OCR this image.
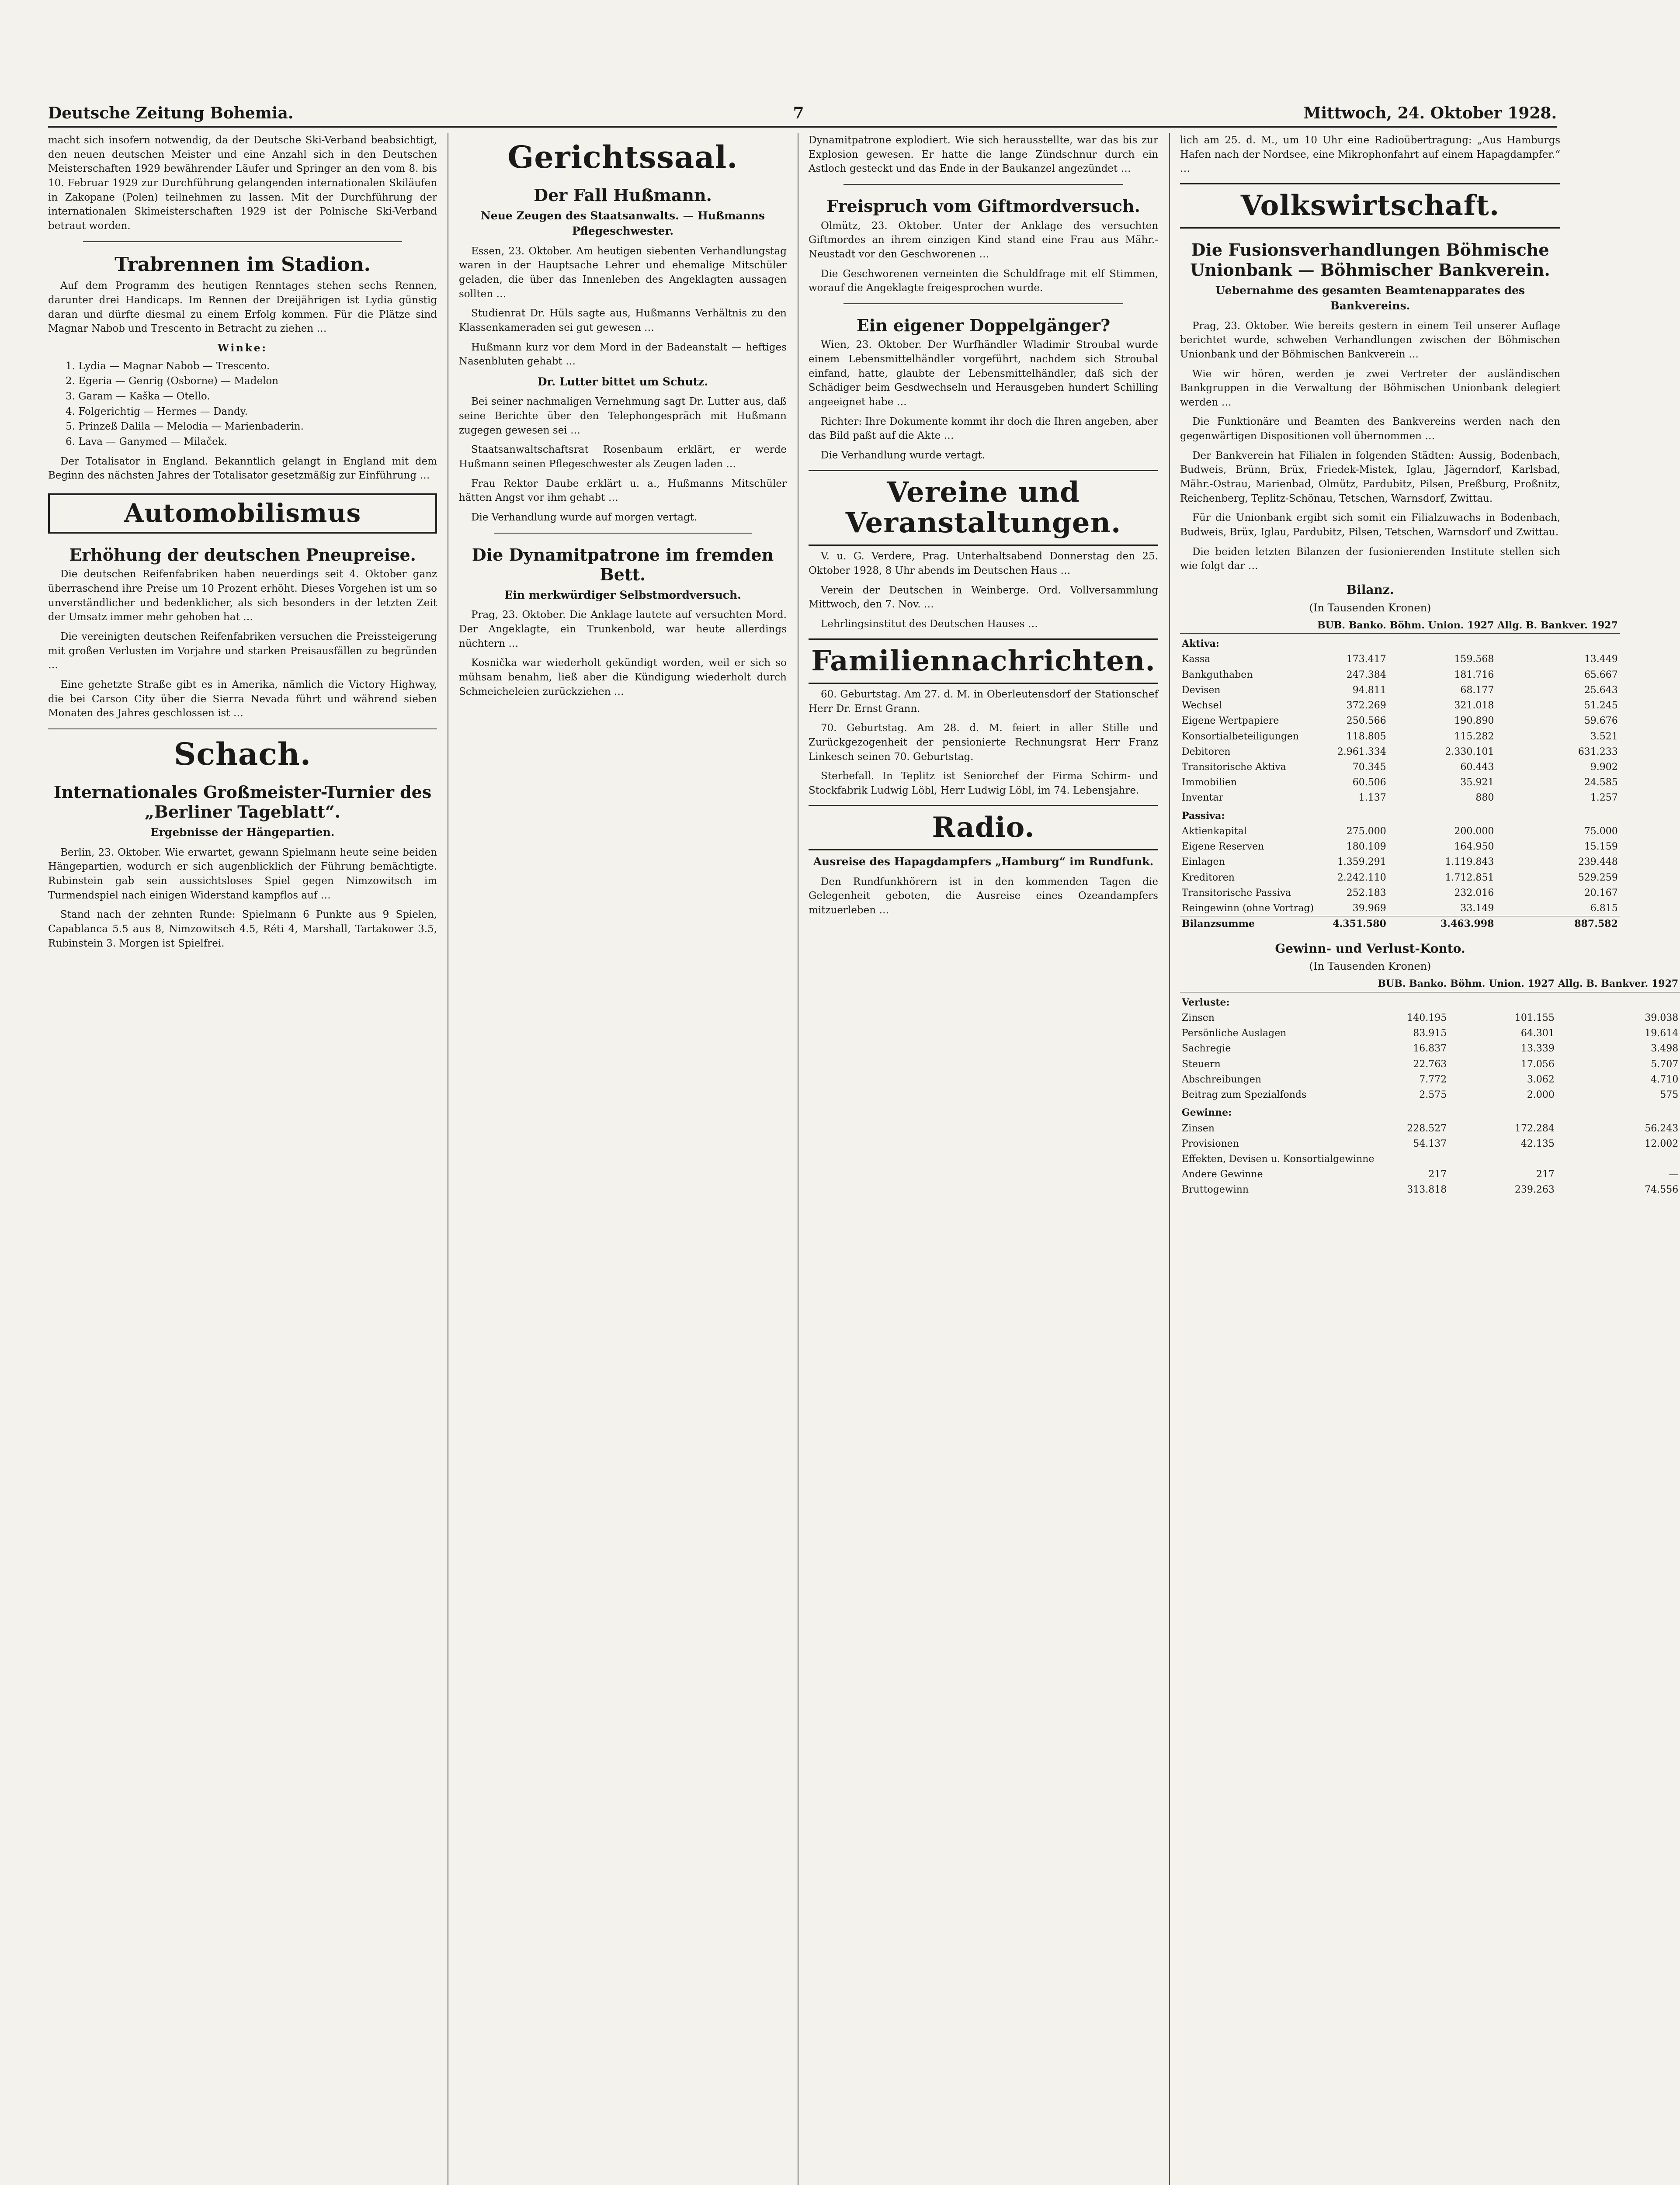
Deutsche Zeitung Bohemia.	7	Mittwoch, 24. Oktober 1928.

macht sich insofern notwendig, da der Deutsche Ski-Verband beabsichtigt, den neuen deutschen Meister und eine Anzahl sich in den Deutschen Meisterschaften 1929 bewährender Läufer und Springer an den vom 8. bis 10. Februar 1929 zur Durchführung gelangenden internationalen Skiläufen in Zakopane (Polen) teilnehmen zu lassen. Mit der Durchführung der internationalen Skimeisterschaften 1929 ist der Polnische Ski-Verband betraut worden.

Trabrennen im Stadion.

Auf dem Programm des heutigen Renntages stehen sechs Rennen, darunter drei Handicaps. Im Rennen der Dreijährigen ist Lydia günstig daran und dürfte diesmal zu einem Erfolg kommen. Für die Plätze sind Magnar Nabob und Trescento in Betracht zu ziehen …

Winke:
1. Lydia — Magnar Nabob — Trescento.
2. Egeria — Genrig (Osborne) — Madelon
3. Garam — Kaška — Otello.
4. Folgerichtig — Hermes — Dandy.
5. Prinzeß Dalila — Melodia — Marienbaderin.
6. Lava — Ganymed — Milaček.

Der Totalisator in England. Bekanntlich gelangt in England mit dem Beginn des nächsten Jahres der Totalisator gesetzmäßig zur Einführung …

Automobilismus
Erhöhung der deutschen Pneupreise.

Die deutschen Reifenfabriken haben neuerdings seit 4. Oktober ganz überraschend ihre Preise um 10 Prozent erhöht. Dieses Vorgehen ist um so unverständlicher und bedenklicher, als sich besonders in der letzten Zeit der Umsatz immer mehr gehoben hat …

Die vereinigten deutschen Reifenfabriken versuchen die Preissteigerung mit großen Verlusten im Vorjahre und starken Preisausfällen zu begründen …

Eine gehetzte Straße gibt es in Amerika, nämlich die Victory Highway, die bei Carson City über die Sierra Nevada führt und während sieben Monaten des Jahres geschlossen ist …

Schach.
Internationales Großmeister-Turnier des „Berliner Tageblatt“.
Ergebnisse der Hängepartien.

Berlin, 23. Oktober. Wie erwartet, gewann Spielmann heute seine beiden Hängepartien, wodurch er sich augenblicklich der Führung bemächtigte. Rubinstein gab sein aussichtsloses Spiel gegen Nimzowitsch im Turmendspiel nach einigen Widerstand kampflos auf …

Stand nach der zehnten Runde: Spielmann 6 Punkte aus 9 Spielen, Capablanca 5.5 aus 8, Nimzowitsch 4.5, Réti 4, Marshall, Tartakower 3.5, Rubinstein 3. Morgen ist Spielfrei.

Gerichtssaal.
Der Fall Hußmann.
Neue Zeugen des Staatsanwalts. — Hußmanns Pflegeschwester.

Essen, 23. Oktober. Am heutigen siebenten Verhandlungstag waren in der Hauptsache Lehrer und ehemalige Mitschüler geladen, die über das Innenleben des Angeklagten aussagen sollten …

Studienrat Dr. Hüls sagte aus, Hußmanns Verhältnis zu den Klassenkameraden sei gut gewesen …

Hußmann kurz vor dem Mord in der Badeanstalt — heftiges Nasenbluten gehabt …

Dr. Lutter bittet um Schutz.

Bei seiner nachmaligen Vernehmung sagt Dr. Lutter aus, daß seine Berichte über den Telephongespräch mit Hußmann zugegen gewesen sei …

Staatsanwaltschaftsrat Rosenbaum erklärt, er werde Hußmann seinen Pflegeschwester als Zeugen laden …

Frau Rektor Daube erklärt u. a., Hußmanns Mitschüler hätten Angst vor ihm gehabt …

Die Verhandlung wurde auf morgen vertagt.

Die Dynamitpatrone im fremden Bett.
Ein merkwürdiger Selbstmordversuch.

Prag, 23. Oktober. Die Anklage lautete auf versuchten Mord. Der Angeklagte, ein Trunkenbold, war heute allerdings nüchtern …

Kosnička war wiederholt gekündigt worden, weil er sich so mühsam benahm, ließ aber die Kündigung wiederholt durch Schmeicheleien zurückziehen …

Dynamitpatrone explodiert. Wie sich herausstellte, war das bis zur Explosion gewesen. Er hatte die lange Zündschnur durch ein Astloch gesteckt und das Ende in der Baukanzel angezündet …

Freispruch vom Giftmordversuch.

Olmütz, 23. Oktober. Unter der Anklage des versuchten Giftmordes an ihrem einzigen Kind stand eine Frau aus Mähr.-Neustadt vor den Geschworenen …

Die Geschworenen verneinten die Schuldfrage mit elf Stimmen, worauf die Angeklagte freigesprochen wurde.

Ein eigener Doppelgänger?

Wien, 23. Oktober. Der Wurfhändler Wladimir Stroubal wurde einem Lebensmittelhändler vorgeführt, nachdem sich Stroubal einfand, hatte, glaubte der Lebensmittelhändler, daß sich der Schädiger beim Gesdwechseln und Herausgeben hundert Schilling angeeignet habe …

Richter: Ihre Dokumente kommt ihr doch die Ihren angeben, aber das Bild paßt auf die Akte …

Die Verhandlung wurde vertagt.

Vereine und Veranstaltungen.

V. u. G. Verdere, Prag. Unterhaltsabend Donnerstag den 25. Oktober 1928, 8 Uhr abends im Deutschen Haus …

Verein der Deutschen in Weinberge. Ord. Vollversammlung Mittwoch, den 7. Nov. …

Lehrlingsinstitut des Deutschen Hauses …

Familiennachrichten.

60. Geburtstag. Am 27. d. M. in Oberleutensdorf der Stationschef Herr Dr. Ernst Grann.

70. Geburtstag. Am 28. d. M. feiert in aller Stille und Zurückgezogenheit der pensionierte Rechnungsrat Herr Franz Linkesch seinen 70. Geburtstag.

Sterbefall. In Teplitz ist Seniorchef der Firma Schirm- und Stockfabrik Ludwig Löbl, Herr Ludwig Löbl, im 74. Lebensjahre.

Radio.
Ausreise des Hapagdampfers „Hamburg“ im Rundfunk.

Den Rundfunkhörern ist in den kommenden Tagen die Gelegenheit geboten, die Ausreise eines Ozeandampfers mitzuerleben …

lich am 25. d. M., um 10 Uhr eine Radioübertragung: „Aus Hamburgs Hafen nach der Nordsee, eine Mikrophonfahrt auf einem Hapagdampfer.“ …

Volkswirtschaft.
Die Fusionsverhandlungen Böhmische Unionbank — Böhmischer Bankverein.
Uebernahme des gesamten Beamtenapparates des Bankvereins.

Prag, 23. Oktober. Wie bereits gestern in einem Teil unserer Auflage berichtet wurde, schweben Verhandlungen zwischen der Böhmischen Unionbank und der Böhmischen Bankverein …

Wie wir hören, werden je zwei Vertreter der ausländischen Bankgruppen in die Verwaltung der Böhmischen Unionbank delegiert werden …

Die Funktionäre und Beamten des Bankvereins werden nach den gegenwärtigen Dispositionen voll übernommen …

Der Bankverein hat Filialen in folgenden Städten: Aussig, Bodenbach, Budweis, Brünn, Brüx, Friedek-Mistek, Iglau, Jägerndorf, Karlsbad, Mähr.-Ostrau, Marienbad, Olmütz, Pardubitz, Pilsen, Preßburg, Proßnitz, Reichenberg, Teplitz-Schönau, Tetschen, Warnsdorf, Zwittau.

Für die Unionbank ergibt sich somit ein Filialzuwachs in Bodenbach, Budweis, Brüx, Iglau, Pardubitz, Pilsen, Tetschen, Warnsdorf und Zwittau.

Die beiden letzten Bilanzen der fusionierenden Institute stellen sich wie folgt dar …

Bilanz.
(In Tausenden Kronen)
	BUB. Banko.	Böhm. Union. 1927	Allg. B. Bankver. 1927
Aktiva:			
Kassa	173.417	159.568	13.449
Bankguthaben	247.384	181.716	65.667
Devisen	94.811	68.177	25.643
Wechsel	372.269	321.018	51.245
Eigene Wertpapiere	250.566	190.890	59.676
Konsortialbeteiligungen	118.805	115.282	3.521
Debitoren	2.961.334	2.330.101	631.233
Transitorische Aktiva	70.345	60.443	9.902
Immobilien	60.506	35.921	24.585
Inventar	1.137	880	1.257
Passiva:			
Aktienkapital	275.000	200.000	75.000
Eigene Reserven	180.109	164.950	15.159
Einlagen	1.359.291	1.119.843	239.448
Kreditoren	2.242.110	1.712.851	529.259
Transitorische Passiva	252.183	232.016	20.167
Reingewinn (ohne Vortrag)	39.969	33.149	6.815
Bilanzsumme	4.351.580	3.463.998	887.582
Gewinn- und Verlust-Konto.
(In Tausenden Kronen)
	BUB. Banko.	Böhm. Union. 1927	Allg. B. Bankver. 1927
Verluste:			
Zinsen	140.195	101.155	39.038
Persönliche Auslagen	83.915	64.301	19.614
Sachregie	16.837	13.339	3.498
Steuern	22.763	17.056	5.707
Abschreibungen	7.772	3.062	4.710
Beitrag zum Spezialfonds	2.575	2.000	575
Gewinne:			
Zinsen	228.527	172.284	56.243
Provisionen	54.137	42.135	12.002
Effekten, Devisen u. Konsortialgewinne			
Andere Gewinne	217	217	—
Bruttogewinn	313.818	239.263	74.556
